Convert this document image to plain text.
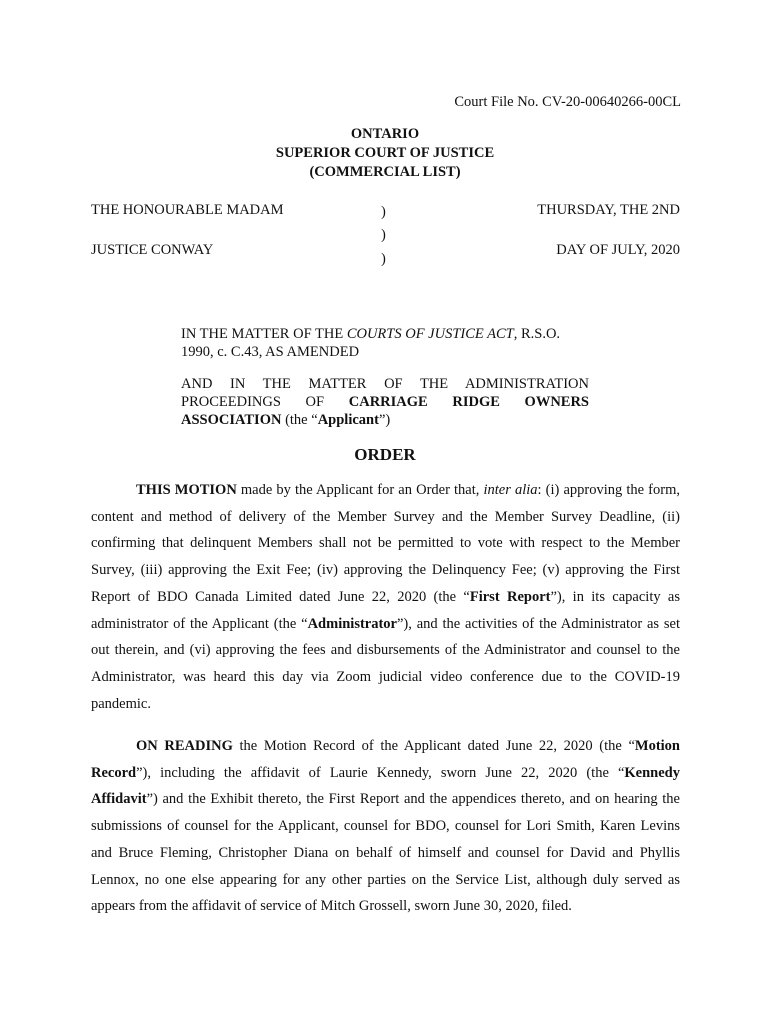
Court File No. CV-20-00640266-00CL
ONTARIO
SUPERIOR COURT OF JUSTICE
(COMMERCIAL LIST)
THE HONOURABLE MADAM
JUSTICE CONWAY
)
)
)
THURSDAY, THE 2ND
DAY OF JULY, 2020
IN THE MATTER OF THE COURTS OF JUSTICE ACT, R.S.O. 1990, c. C.43, AS AMENDED
AND IN THE MATTER OF THE ADMINISTRATION
PROCEEDINGS OF CARRIAGE RIDGE OWNERS
ASSOCIATION (the “Applicant”)
ORDER
THIS MOTION made by the Applicant for an Order that, inter alia: (i) approving the form, content and method of delivery of the Member Survey and the Member Survey Deadline, (ii) confirming that delinquent Members shall not be permitted to vote with respect to the Member Survey, (iii) approving the Exit Fee; (iv) approving the Delinquency Fee; (v) approving the First Report of BDO Canada Limited dated June 22, 2020 (the “First Report”), in its capacity as administrator of the Applicant (the “Administrator”), and the activities of the Administrator as set out therein, and (vi) approving the fees and disbursements of the Administrator and counsel to the Administrator, was heard this day via Zoom judicial video conference due to the COVID-19 pandemic.
ON READING the Motion Record of the Applicant dated June 22, 2020 (the “Motion Record”), including the affidavit of Laurie Kennedy, sworn June 22, 2020 (the “Kennedy Affidavit”) and the Exhibit thereto, the First Report and the appendices thereto, and on hearing the submissions of counsel for the Applicant, counsel for BDO, counsel for Lori Smith, Karen Levins and Bruce Fleming, Christopher Diana on behalf of himself and counsel for David and Phyllis Lennox, no one else appearing for any other parties on the Service List, although duly served as appears from the affidavit of service of Mitch Grossell, sworn June 30, 2020, filed.
